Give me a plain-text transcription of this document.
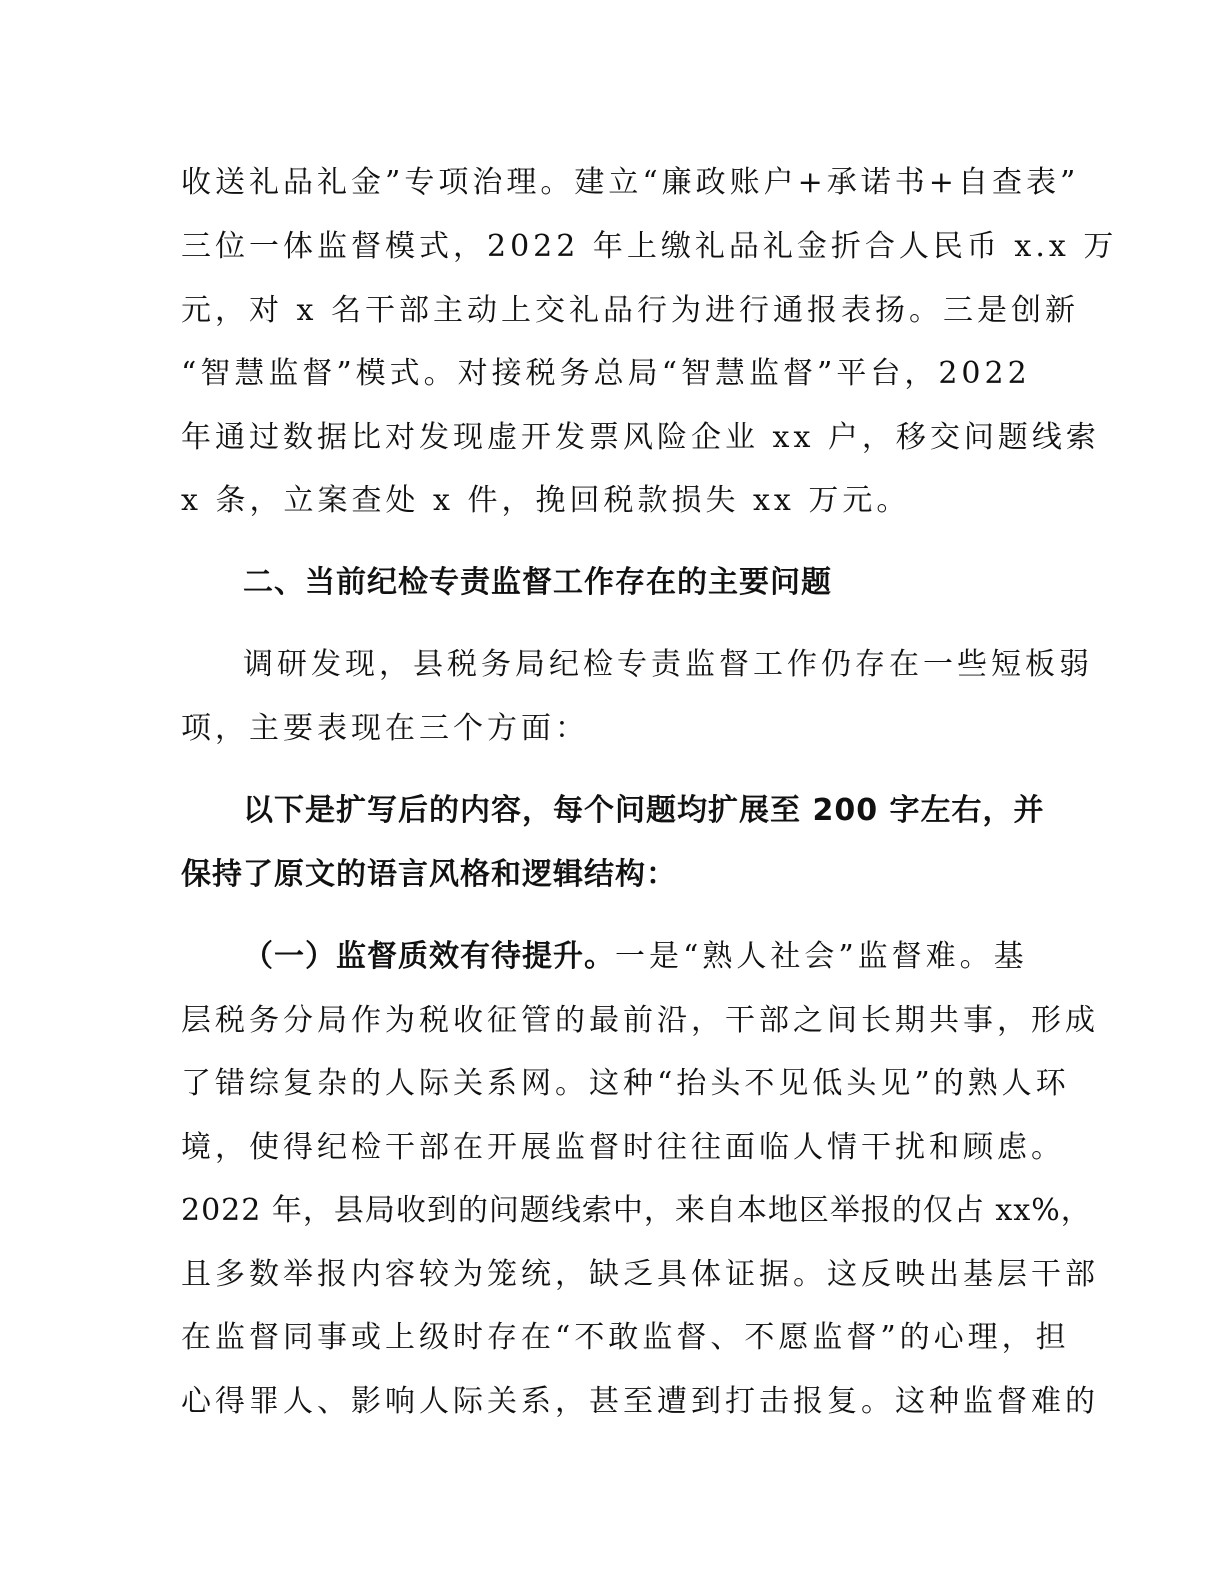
收送礼品礼金”专项治理。建立“廉政账户+承诺书+自查表”

三位一体监督模式，2022 年上缴礼品礼金折合人民币 x.x 万

元，对 x 名干部主动上交礼品行为进行通报表扬。三是创新

“智慧监督”模式。对接税务总局“智慧监督”平台，2022

年通过数据比对发现虚开发票风险企业 xx 户，移交问题线索

x 条，立案查处 x 件，挽回税款损失 xx 万元。

二、当前纪检专责监督工作存在的主要问题

调研发现，县税务局纪检专责监督工作仍存在一些短板弱

项，主要表现在三个方面：

以下是扩写后的内容，每个问题均扩展至 200 字左右，并

保持了原文的语言风格和逻辑结构：

（一）监督质效有待提升。一是“熟人社会”监督难。基

层税务分局作为税收征管的最前沿，干部之间长期共事，形成

了错综复杂的人际关系网。这种“抬头不见低头见”的熟人环

境，使得纪检干部在开展监督时往往面临人情干扰和顾虑。

2022 年，县局收到的问题线索中，来自本地区举报的仅占 xx%，

且多数举报内容较为笼统，缺乏具体证据。这反映出基层干部

在监督同事或上级时存在“不敢监督、不愿监督”的心理，担

心得罪人、影响人际关系，甚至遭到打击报复。这种监督难的
